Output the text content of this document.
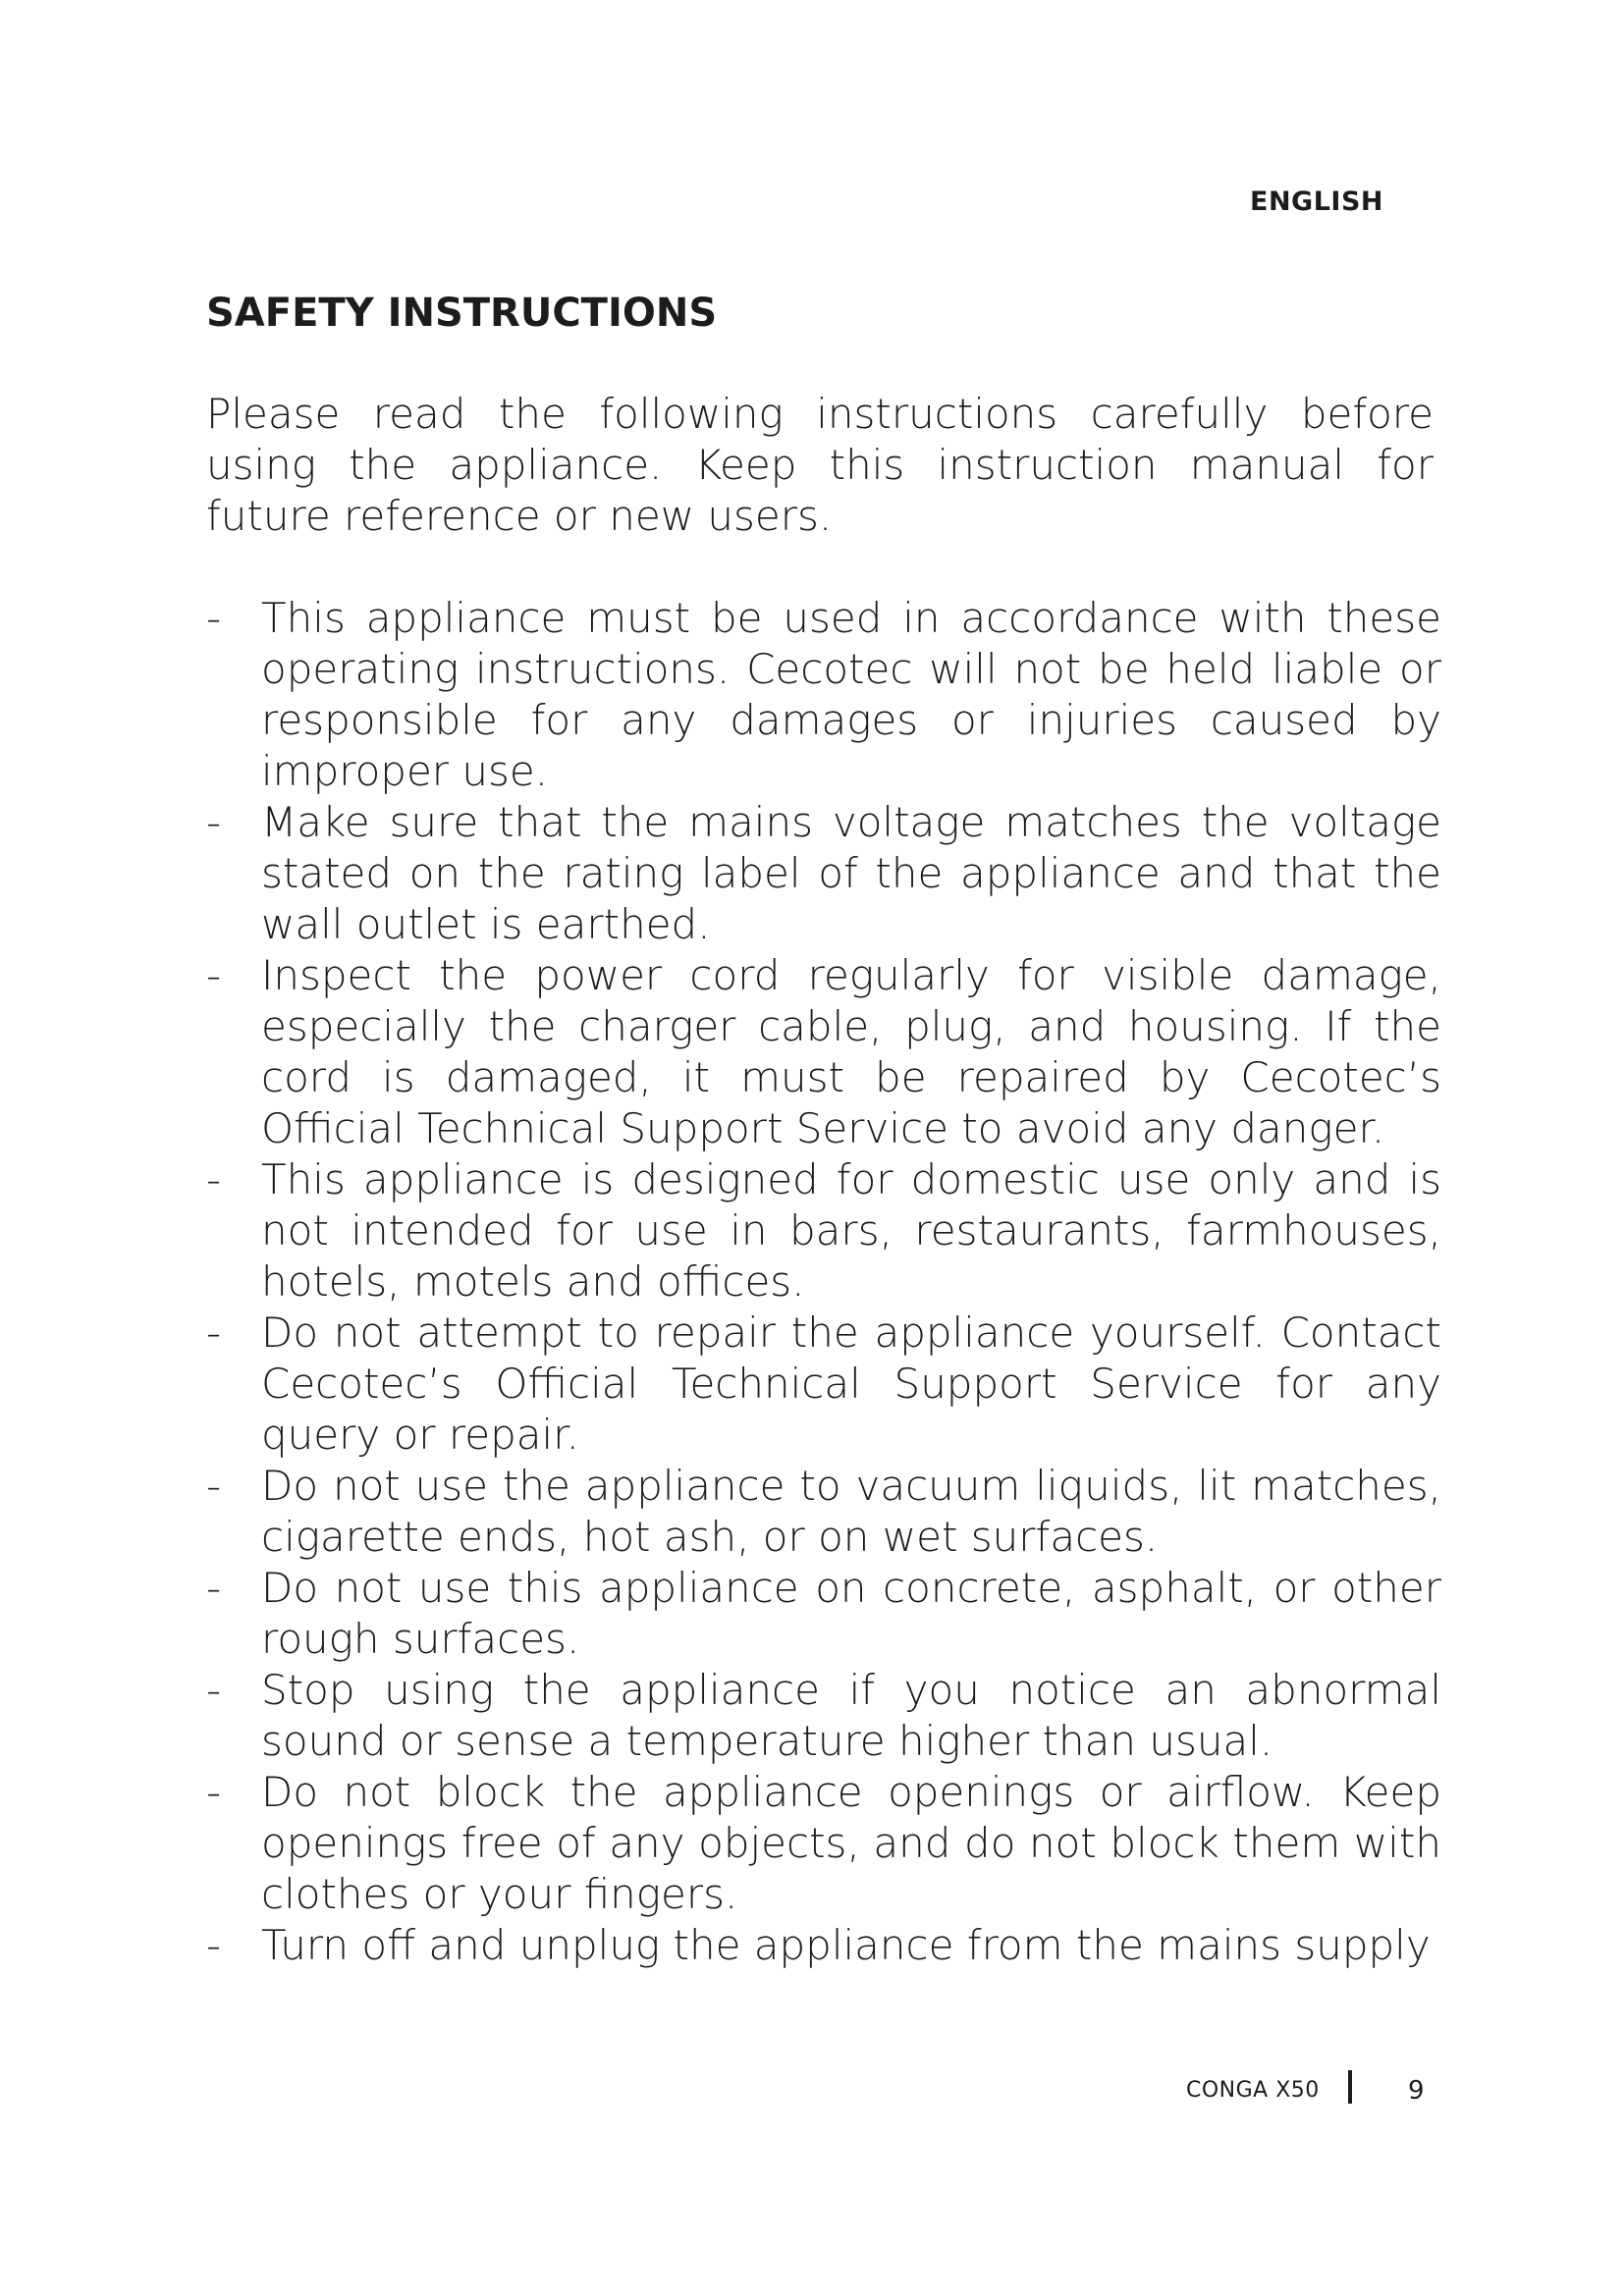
ENGLISH
SAFETY INSTRUCTIONS

Please read the following instructions carefully before using the appliance. Keep this instruction manual for future reference or new users.

- This appliance must be used in accordance with these operating instructions. Cecotec will not be held liable or responsible for any damages or injuries caused by improper use.
- Make sure that the mains voltage matches the voltage stated on the rating label of the appliance and that the wall outlet is earthed.
- Inspect the power cord regularly for visible damage, especially the charger cable, plug, and housing. If the cord is damaged, it must be repaired by Cecotec’s Official Technical Support Service to avoid any danger.
- This appliance is designed for domestic use only and is not intended for use in bars, restaurants, farmhouses, hotels, motels and offices.
- Do not attempt to repair the appliance yourself. Contact Cecotec’s Official Technical Support Service for any query or repair.
- Do not use the appliance to vacuum liquids, lit matches, cigarette ends, hot ash, or on wet surfaces.
- Do not use this appliance on concrete, asphalt, or other rough surfaces.
- Stop using the appliance if you notice an abnormal sound or sense a temperature higher than usual.
- Do not block the appliance openings or airflow. Keep openings free of any objects, and do not block them with clothes or your fingers.
- Turn off and unplug the appliance from the mains supply
CONGA X50	9
